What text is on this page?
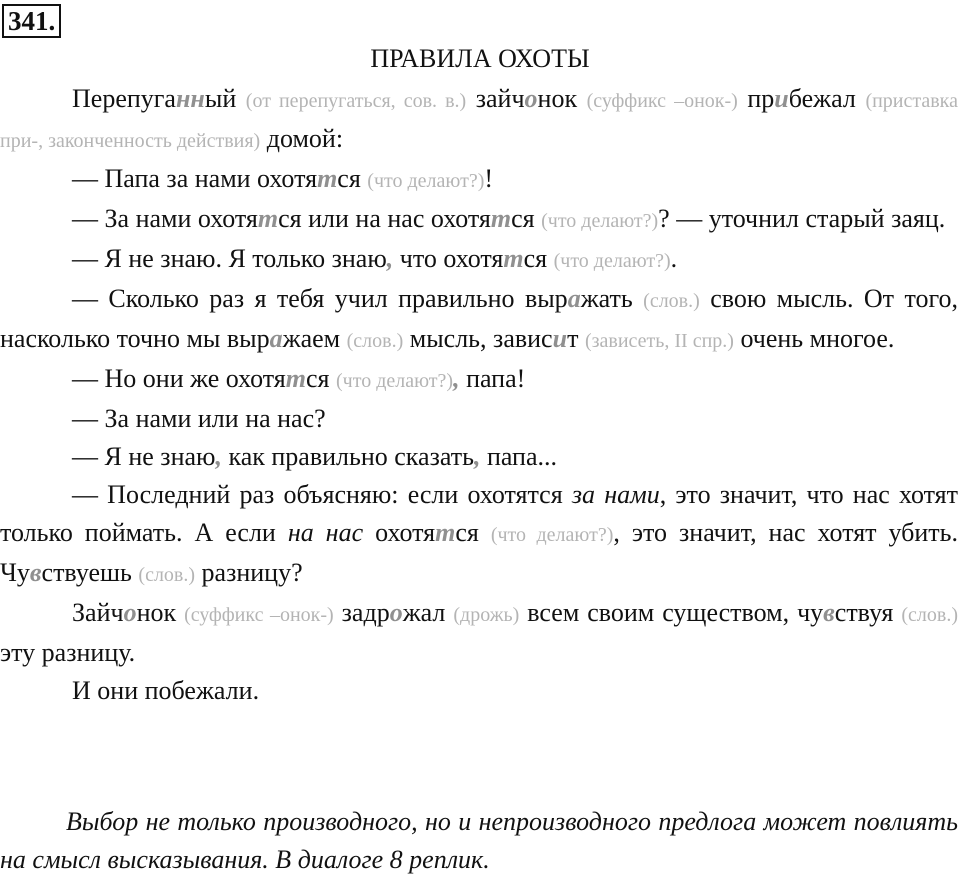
341.
ПРАВИЛА ОХОТЫ

Перепуганный (от перепугаться, сов. в.) зайчонок (суффикс –онок-) прибежал (приставка при-, законченность действия) домой:

— Папа за нами охотятся (что делают?)!

— За нами охотятся или на нас охотятся (что делают?)? — уточнил старый заяц.

— Я не знаю. Я только знаю, что охотятся (что делают?).

— Сколько раз я тебя учил правильно выражать (слов.) свою мысль. От того, насколько точно мы выражаем (слов.) мысль, зависит (зависеть, II спр.) очень многое.

— Но они же охотятся (что делают?), папа!

— За нами или на нас?

— Я не знаю, как правильно сказать, папа...

— Последний раз объясняю: если охотятся за нами, это значит, что нас хотят только поймать. А если на нас охотятся (что делают?), это значит, нас хотят убить. Чувствуешь (слов.) разницу?

Зайчонок (суффикс –онок-) задрожал (дрожь) всем своим существом, чувствуя (слов.) эту разницу.

И они побежали.

Выбор не только производного, но и непроизводного предлога может повлиять на смысл высказывания. В диалоге 8 реплик.
